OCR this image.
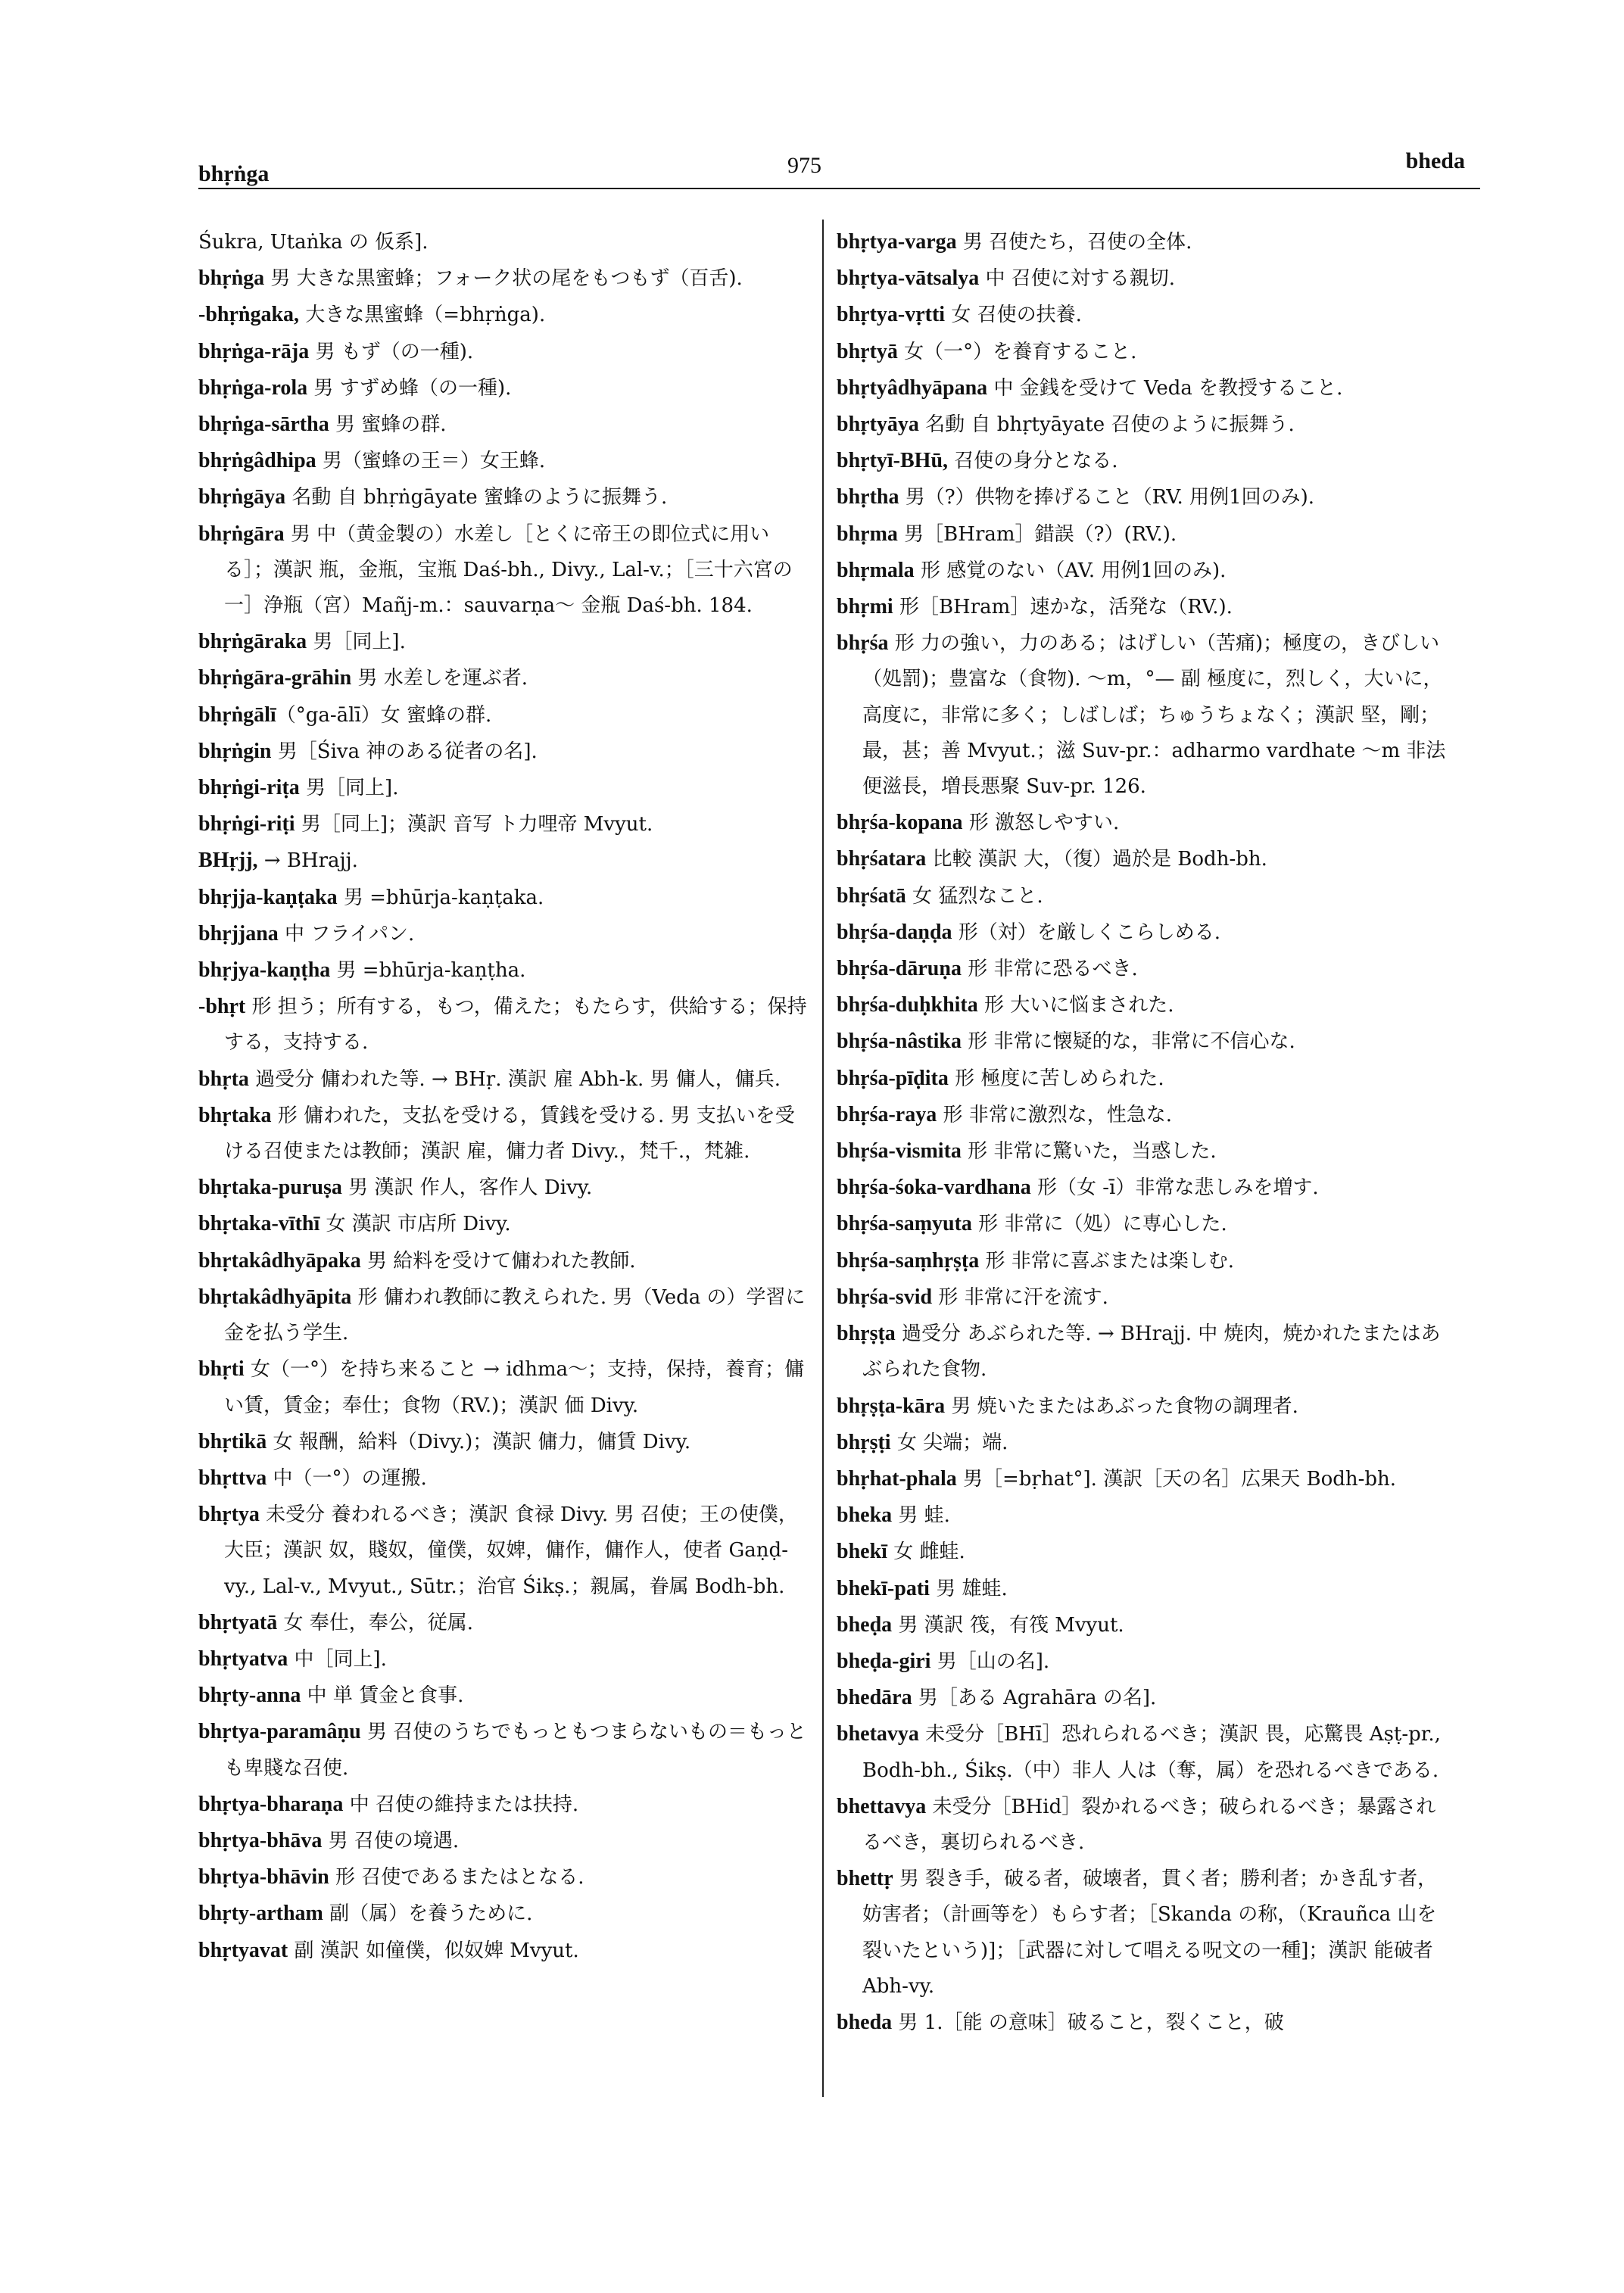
bhṛṅga	975	bheda
Śukra, Utaṅka の 仮系].
bhṛṅga 男 大きな黒蜜蜂；フォーク状の尾をもつもず（百舌).
-bhṛṅgaka, 大きな黒蜜蜂（=bhṛṅga).
bhṛṅga-rāja 男 もず（の一種).
bhṛṅga-rola 男 すずめ蜂（の一種).
bhṛṅga-sārtha 男 蜜蜂の群.
bhṛṅgâdhipa 男（蜜蜂の王＝）女王蜂.
bhṛṅgāya 名動 自 bhṛṅgāyate 蜜蜂のように振舞う.
bhṛṅgāra 男 中（黄金製の）水差し［とくに帝王の即位式に用いる］；漢訳 瓶，金瓶，宝瓶 Daś-bh., Divy., Lal-v.；［三十六宮の一］浄瓶（宮）Mañj-m.：sauvarṇa〜 金瓶 Daś-bh. 184.
bhṛṅgāraka 男［同上].
bhṛṅgāra-grāhin 男 水差しを運ぶ者.
bhṛṅgālī（°ga-ālī）女 蜜蜂の群.
bhṛṅgin 男［Śiva 神のある従者の名].
bhṛṅgi-riṭa 男［同上].
bhṛṅgi-riṭi 男［同上]；漢訳 音写 ト力哩帝 Mvyut.
BHṛjj, → BHrajj.
bhṛjja-kaṇṭaka 男 =bhūrja-kaṇṭaka.
bhṛjjana 中 フライパン.
bhṛjya-kaṇṭha 男 =bhūrja-kaṇṭha.
-bhṛt 形 担う；所有する，もつ，備えた；もたらす，供給する；保持する，支持する.
bhṛta 過受分 傭われた等. → BHṛ. 漢訳 雇 Abh-k. 男 傭人，傭兵.
bhṛtaka 形 傭われた，支払を受ける，賃銭を受ける. 男 支払いを受ける召使または教師；漢訳 雇，傭力者 Divy.，梵千.，梵雑.
bhṛtaka-puruṣa 男 漢訳 作人，客作人 Divy.
bhṛtaka-vīthī 女 漢訳 市店所 Divy.
bhṛtakâdhyāpaka 男 給料を受けて傭われた教師.
bhṛtakâdhyāpita 形 傭われ教師に教えられた. 男（Veda の）学習に金を払う学生.
bhṛti 女（一°）を持ち来ること → idhma〜；支持，保持，養育；傭い賃，賃金；奉仕；食物（RV.)；漢訳 価 Divy.
bhṛtikā 女 報酬，給料（Divy.)；漢訳 傭力，傭賃 Divy.
bhṛttva 中（一°）の運搬.
bhṛtya 未受分 養われるべき；漢訳 食禄 Divy. 男 召使；王の使僕，大臣；漢訳 奴，賤奴，僮僕，奴婢，傭作，傭作人，使者 Gaṇḍ-vy., Lal-v., Mvyut., Sūtr.；治官 Śikṣ.；親属，眷属 Bodh-bh.
bhṛtyatā 女 奉仕，奉公，従属.
bhṛtyatva 中［同上].
bhṛty-anna 中 単 賃金と食事.
bhṛtya-paramâṇu 男 召使のうちでもっともつまらないもの＝もっとも卑賤な召使.
bhṛtya-bharaṇa 中 召使の維持または扶持.
bhṛtya-bhāva 男 召使の境遇.
bhṛtya-bhāvin 形 召使であるまたはとなる.
bhṛty-artham 副（属）を養うために.
bhṛtyavat 副 漢訳 如僮僕，似奴婢 Mvyut.
bhṛtya-varga 男 召使たち，召使の全体.
bhṛtya-vātsalya 中 召使に対する親切.
bhṛtya-vṛtti 女 召使の扶養.
bhṛtyā 女（一°）を養育すること.
bhṛtyâdhyāpana 中 金銭を受けて Veda を教授すること.
bhṛtyāya 名動 自 bhṛtyāyate 召使のように振舞う.
bhṛtyī-BHū, 召使の身分となる.
bhṛtha 男（?）供物を捧げること（RV. 用例1回のみ).
bhṛma 男［BHram］錯誤（?）(RV.).
bhṛmala 形 感覚のない（AV. 用例1回のみ).
bhṛmi 形［BHram］速かな，活発な（RV.).
bhṛśa 形 力の強い，力のある；はげしい（苦痛)；極度の，きびしい（処罰)；豊富な（食物). 〜m，°— 副 極度に，烈しく，大いに，高度に，非常に多く；しばしば；ちゅうちょなく；漢訳 堅，剛；最，甚；善 Mvyut.；滋 Suv-pr.：adharmo vardhate 〜m 非法便滋長，増長悪聚 Suv-pr. 126.
bhṛśa-kopana 形 激怒しやすい.
bhṛśatara 比較 漢訳 大，（復）過於是 Bodh-bh.
bhṛśatā 女 猛烈なこと.
bhṛśa-daṇḍa 形（対）を厳しくこらしめる.
bhṛśa-dāruṇa 形 非常に恐るべき.
bhṛśa-duḥkhita 形 大いに悩まされた.
bhṛśa-nâstika 形 非常に懐疑的な，非常に不信心な.
bhṛśa-pīḍita 形 極度に苦しめられた.
bhṛśa-raya 形 非常に激烈な，性急な.
bhṛśa-vismita 形 非常に驚いた，当惑した.
bhṛśa-śoka-vardhana 形（女 -ī）非常な悲しみを増す.
bhṛśa-saṃyuta 形 非常に（処）に専心した.
bhṛśa-saṃhṛṣṭa 形 非常に喜ぶまたは楽しむ.
bhṛśa-svid 形 非常に汗を流す.
bhṛṣṭa 過受分 あぶられた等. → BHrajj. 中 焼肉，焼かれたまたはあぶられた食物.
bhṛṣṭa-kāra 男 焼いたまたはあぶった食物の調理者.
bhṛṣṭi 女 尖端；端.
bhṛhat-phala 男［=bṛhat°]. 漢訳［天の名］広果天 Bodh-bh.
bheka 男 蛙.
bhekī 女 雌蛙.
bhekī-pati 男 雄蛙.
bheḍa 男 漢訳 筏，有筏 Mvyut.
bheḍa-giri 男［山の名].
bhedāra 男［ある Agrahāra の名].
bhetavya 未受分［BHī］恐れられるべき；漢訳 畏，応驚畏 Aṣṭ-pr., Bodh-bh., Śikṣ.（中）非人 人は（奪，属）を恐れるべきである.
bhettavya 未受分［BHid］裂かれるべき；破られるべき；暴露されるべき，裏切られるべき.
bhettṛ 男 裂き手，破る者，破壊者，貫く者；勝利者；かき乱す者，妨害者；（計画等を）もらす者；［Skanda の称，（Krauñca 山を裂いたという)]；［武器に対して唱える呪文の一種]；漢訳 能破者 Abh-vy.
bheda 男 1.［能 の意味］破ること，裂くこと，破
